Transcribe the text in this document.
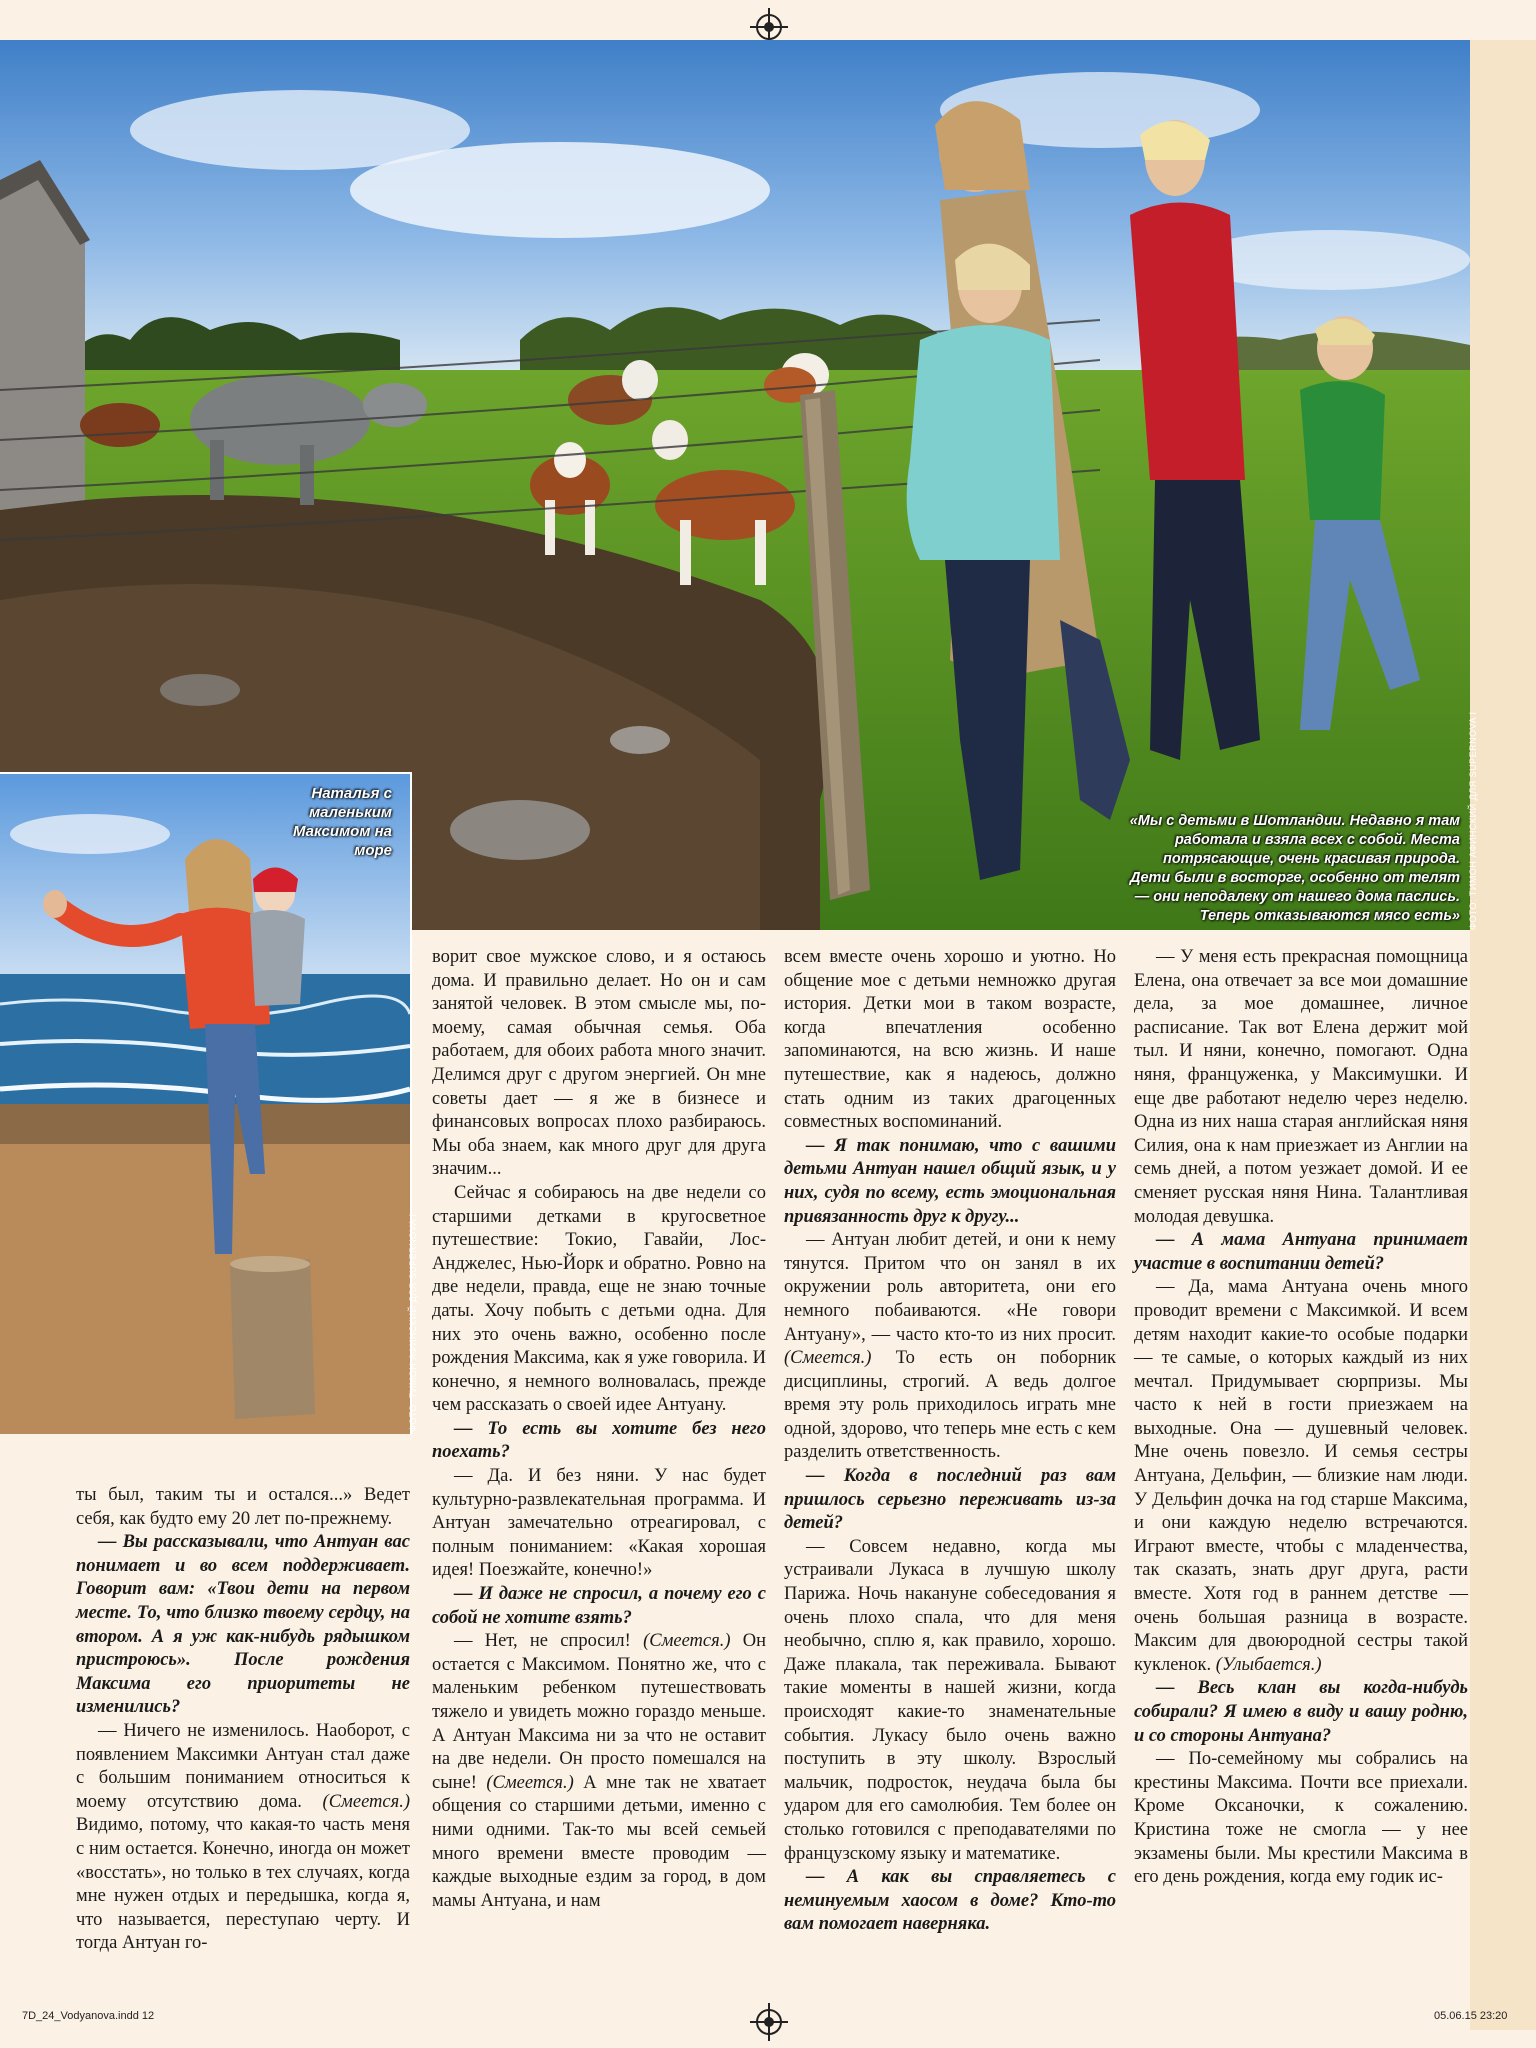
«Мы с детьми в Шотландии. Недавно я там работала и взяла всех с собой. Места потрясающие, очень красивая природа. Дети были в восторге, особенно от телят — они неподалеку от нашего дома паслись. Теперь отказываются мясо есть» ФОТО: ТИМОН АФИНСКИЙ ДЛЯ SUPERNOVA I
Наталья с маленьким Максимом на море
ФОТО: ТИМОН АФИНСКИЙ ДЛЯ SUPERNOVA I

ты был, таким ты и остался...» Ведет себя, как будто ему 20 лет по-прежнему.

— Вы рассказывали, что Антуан вас понимает и во всем поддерживает. Говорит вам: «Твои дети на первом месте. То, что близко твоему сердцу, на втором. А я уж как-нибудь рядышком пристроюсь». После рождения Максима его приоритеты не изменились?

— Ничего не изменилось. Наоборот, с появлением Максимки Антуан стал даже с большим пониманием относиться к моему отсутствию дома. (Смеется.) Видимо, потому, что какая-то часть меня с ним остается. Конечно, иногда он может «восстать», но только в тех случаях, когда мне нужен отдых и передышка, когда я, что называется, переступаю черту. И тогда Антуан го-

ворит свое мужское слово, и я остаюсь дома. И правильно делает. Но он и сам занятой человек. В этом смысле мы, по-моему, самая обычная семья. Оба работаем, для обоих работа много значит. Делимся друг с другом энергией. Он мне советы дает — я же в бизнесе и финансовых вопросах плохо разбираюсь. Мы оба знаем, как много друг для друга значим...

Сейчас я собираюсь на две недели со старшими детками в кругосветное путешествие: Токио, Гавайи, Лос-Анджелес, Нью-Йорк и обратно. Ровно на две недели, правда, еще не знаю точные даты. Хочу побыть с детьми одна. Для них это очень важно, особенно после рождения Максима, как я уже говорила. И конечно, я немного волновалась, прежде чем рассказать о своей идее Антуану.

— То есть вы хотите без него поехать?

— Да. И без няни. У нас будет культурно-развлекательная программа. И Антуан замечательно отреагировал, с полным пониманием: «Какая хорошая идея! Поезжайте, конечно!»

— И даже не спросил, а почему его с собой не хотите взять?

— Нет, не спросил! (Смеется.) Он остается с Максимом. Понятно же, что с маленьким ребенком путешествовать тяжело и увидеть можно гораздо меньше. А Антуан Максима ни за что не оставит на две недели. Он просто помешался на сыне! (Смеется.) А мне так не хватает общения со старшими детьми, именно с ними одними. Так-то мы всей семьей много времени вместе проводим — каждые выходные ездим за город, в дом мамы Антуана, и нам

всем вместе очень хорошо и уютно. Но общение мое с детьми немножко другая история. Детки мои в таком возрасте, когда впечатления особенно запоминаются, на всю жизнь. И наше путешествие, как я надеюсь, должно стать одним из таких драгоценных совместных воспоминаний.

— Я так понимаю, что с вашими детьми Антуан нашел общий язык, и у них, судя по всему, есть эмоциональная привязанность друг к другу...

— Антуан любит детей, и они к нему тянутся. Притом что он занял в их окружении роль авторитета, они его немного побаиваются. «Не говори Антуану», — часто кто-то из них просит. (Смеется.) То есть он поборник дисциплины, строгий. А ведь долгое время эту роль приходилось играть мне одной, здорово, что теперь мне есть с кем разделить ответственность.

— Когда в последний раз вам пришлось серьезно переживать из-за детей?

— Совсем недавно, когда мы устраивали Лукаса в лучшую школу Парижа. Ночь накануне собеседования я очень плохо спала, что для меня необычно, сплю я, как правило, хорошо. Даже плакала, так переживала. Бывают такие моменты в нашей жизни, когда происходят какие-то знаменательные события. Лукасу было очень важно поступить в эту школу. Взрослый мальчик, подросток, неудача была бы ударом для его самолюбия. Тем более он столько готовился с преподавателями по французскому языку и математике.

— А как вы справляетесь с неминуемым хаосом в доме? Кто-то вам помогает наверняка.

— У меня есть прекрасная помощница Елена, она отвечает за все мои домашние дела, за мое домашнее, личное расписание. Так вот Елена держит мой тыл. И няни, конечно, помогают. Одна няня, француженка, у Максимушки. И еще две работают неделю через неделю. Одна из них наша старая английская няня Силия, она к нам приезжает из Англии на семь дней, а потом уезжает домой. И ее сменяет русская няня Нина. Талантливая молодая девушка.

— А мама Антуана принимает участие в воспитании детей?

— Да, мама Антуана очень много проводит времени с Максимкой. И всем детям находит какие-то особые подарки — те самые, о которых каждый из них мечтал. Придумывает сюрпризы. Мы часто к ней в гости приезжаем на выходные. Она — душевный человек. Мне очень повезло. И семья сестры Антуана, Дельфин, — близкие нам люди. У Дельфин дочка на год старше Максима, и они каждую неделю встречаются. Играют вместе, чтобы с младенчества, так сказать, знать друг друга, расти вместе. Хотя год в раннем детстве — очень большая разница в возрасте. Максим для двоюродной сестры такой кукленок. (Улыбается.)

— Весь клан вы когда-нибудь собирали? Я имею в виду и вашу родню, и со стороны Антуана?

— По-семейному мы собрались на крестины Максима. Почти все приехали. Кроме Оксаночки, к сожалению. Кристина тоже не смогла — у нее экзамены были. Мы крестили Максима в его день рождения, когда ему годик ис-

7D_24_Vodyanova.indd 12	05.06.15 23:20
